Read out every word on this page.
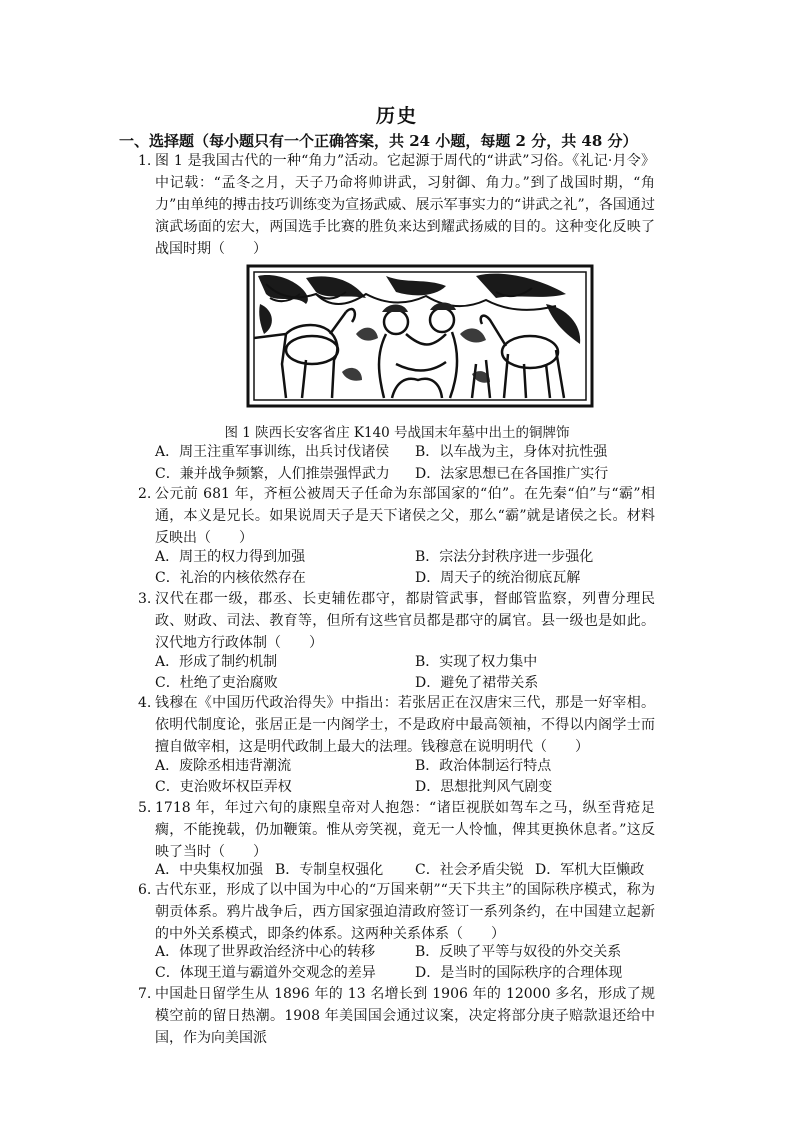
历史
一、选择题（每小题只有一个正确答案，共 24 小题，每题 2 分，共 48 分）
1. 图 1 是我国古代的一种“角力”活动。它起源于周代的“讲武”习俗。《礼记·月令》中记载：“孟冬之月，天子乃命将帅讲武，习射御、角力。”到了战国时期，“角力”由单纯的搏击技巧训练变为宣扬武威、展示军事实力的“讲武之礼”，各国通过演武场面的宏大，两国选手比赛的胜负来达到耀武扬威的目的。这种变化反映了战国时期（　　）
图 1 陕西长安客省庄 K140 号战国末年墓中出土的铜牌饰
A．周王注重军事训练，出兵讨伐诸侯 B．以车战为主，身体对抗性强
C．兼并战争频繁，人们推崇强悍武力 D．法家思想已在各国推广实行
2. 公元前 681 年，齐桓公被周天子任命为东部国家的“伯”。在先秦“伯”与“霸”相通，本义是兄长。如果说周天子是天下诸侯之父，那么“霸”就是诸侯之长。材料反映出（　　）
A．周王的权力得到加强	B．宗法分封秩序进一步强化
C．礼治的内核依然存在	D．周天子的统治彻底瓦解
3. 汉代在郡一级，郡丞、长吏辅佐郡守，都尉管武事，督邮管监察，列曹分理民政、财政、司法、教育等，但所有这些官员都是郡守的属官。县一级也是如此。汉代地方行政体制（　　）
A．形成了制约机制	B．实现了权力集中
C．杜绝了吏治腐败	D．避免了裙带关系
4. 钱穆在《中国历代政治得失》中指出：若张居正在汉唐宋三代，那是一好宰相。依明代制度论，张居正是一内阁学士，不是政府中最高领袖，不得以内阁学士而擅自做宰相，这是明代政制上最大的法理。钱穆意在说明明代（　　）
A．废除丞相违背潮流	B．政治体制运行特点
C．吏治败坏权臣弄权	D．思想批判风气剧变
5. 1718 年，年过六旬的康熙皇帝对人抱怨：“诸臣视朕如驾车之马，纵至背疮足瘸，不能挽载，仍加鞭策。惟从旁笑视，竟无一人怜恤，俾其更换休息者。”这反映了当时（　　）
A．中央集权加强 B．专制皇权强化 C．社会矛盾尖锐 D．军机大臣懒政
6. 古代东亚，形成了以中国为中心的“万国来朝”“天下共主”的国际秩序模式，称为朝贡体系。鸦片战争后，西方国家强迫清政府签订一系列条约，在中国建立起新的中外关系模式，即条约体系。这两种关系体系（　　）
A．体现了世界政治经济中心的转移	B．反映了平等与奴役的外交关系
C．体现王道与霸道外交观念的差异	D．是当时的国际秩序的合理体现
7. 中国赴日留学生从 1896 年的 13 名增长到 1906 年的 12000 多名，形成了规模空前的留日热潮。1908 年美国国会通过议案，决定将部分庚子赔款退还给中国，作为向美国派
